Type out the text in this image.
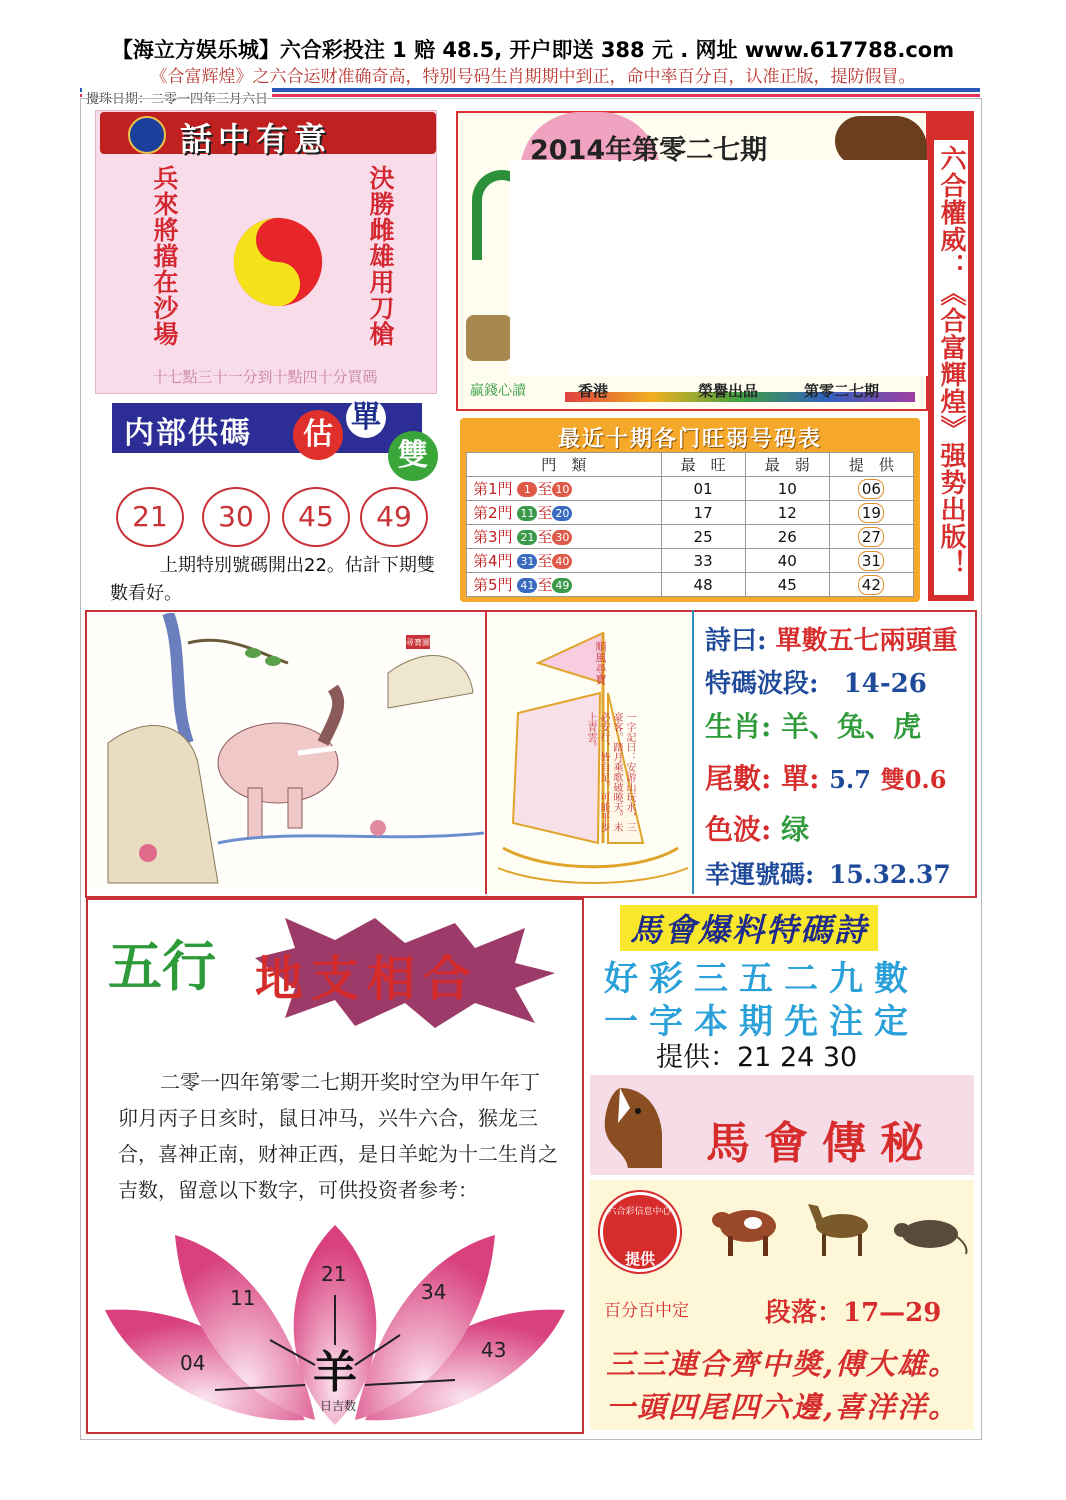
【海立方娱乐城】六合彩投注 1 赔 48.5, 开户即送 388 元 . 网址 www.617788.com
《合富辉煌》之六合运财准确奇高，特别号码生肖期期中到正，命中率百分百，认准正版，提防假冒。
攪珠日期：二零一四年三月六日
話中有意
兵來將擋在沙場	決勝雌雄用刀槍
十七點三十一分到十點四十分買碼
内部供碼	估 單
雙
21	30	45	49
上期特別號碼開出22。估計下期雙數看好。
2014年第零二七期
贏錢心讀	香港	榮譽出品	第零二七期 六合權威：《合富輝煌》强势出版！
最近十期各门旺弱号码表
門　類	最　旺	最　弱	提　供
第1門 1 至 10	01	10	06
第2門 11 至 20	17	12	19
第3門 21 至 30	25	26	27
第4門 31 至 40	33	40	31
第5門 41 至 49	48	45	42
尋寶圖	順風尋寶
一字記曰：安游山玩水，三豪客。踏月乘歌破曉天。未必安行，皆自足。可能平步上青雲。
詩曰: 單數五七兩頭重
特碼波段: 14-26
生肖: 羊、兔、虎
尾數: 單: 5.7 雙0.6
色波: 绿
幸運號碼: 15.32.37
五行 地支相合
二零一四年第零二七期开奖时空为甲午年丁卯月丙子日亥时，鼠日冲马，兴牛六合，猴龙三合，喜神正南，财神正西，是日羊蛇为十二生肖之吉数，留意以下数字，可供投资者参考：
04
11
21
34
43
羊
日吉数
馬會爆料特碼詩
好彩三五二九數
一字本期先注定
提供：21 24 30
馬會傳秘
六合彩信息中心
提供
百分百中定	段落：17—29
三三連合齊中獎,傅大雄。
一頭四尾四六邊,喜洋洋。
